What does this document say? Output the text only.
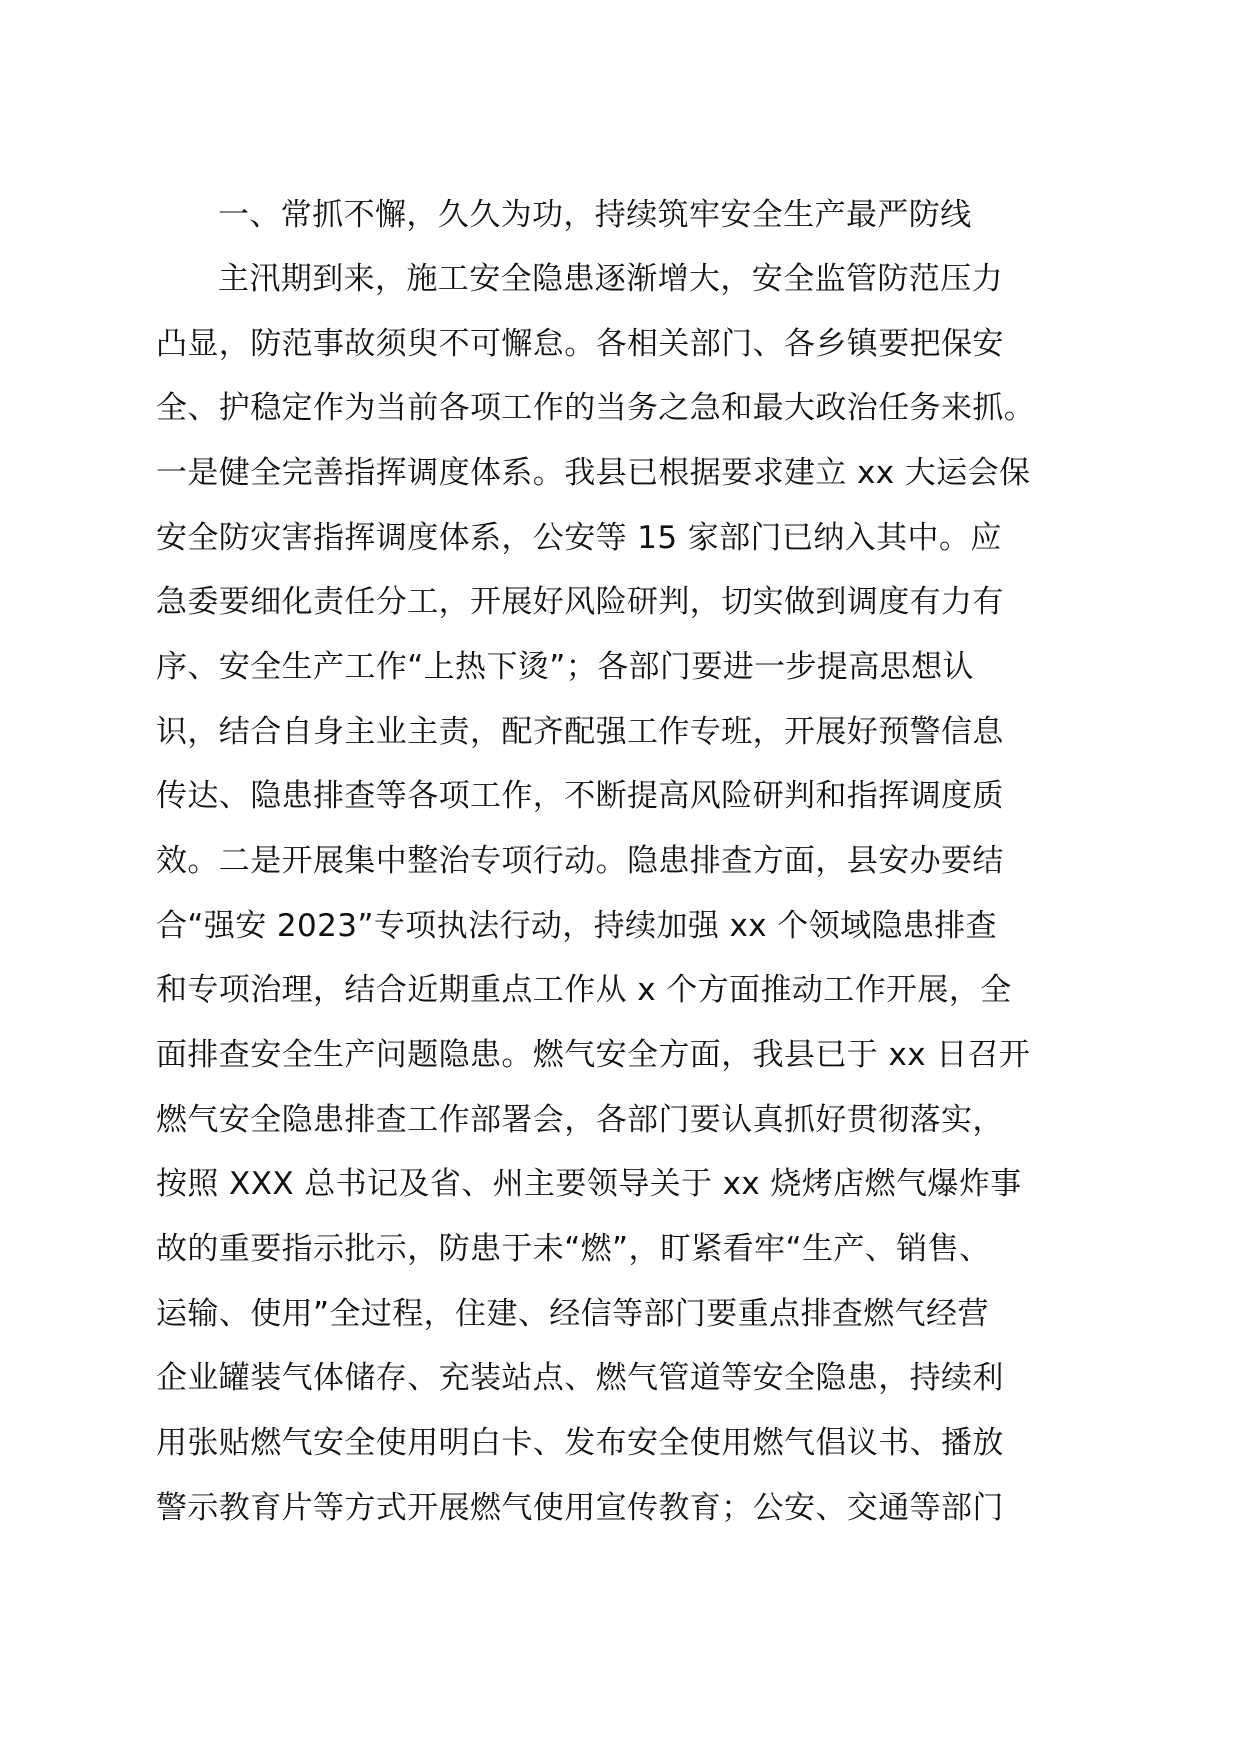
一、常抓不懈，久久为功，持续筑牢安全生产最严防线
主汛期到来，施工安全隐患逐渐增大，安全监管防范压力
凸显，防范事故须臾不可懈怠。各相关部门、各乡镇要把保安
全、护稳定作为当前各项工作的当务之急和最大政治任务来抓。
一是健全完善指挥调度体系。我县已根据要求建立 xx 大运会保
安全防灾害指挥调度体系，公安等 15 家部门已纳入其中。应
急委要细化责任分工，开展好风险研判，切实做到调度有力有
序、安全生产工作“上热下烫”；各部门要进一步提高思想认
识，结合自身主业主责，配齐配强工作专班，开展好预警信息
传达、隐患排查等各项工作，不断提高风险研判和指挥调度质
效。二是开展集中整治专项行动。隐患排查方面，县安办要结
合“强安 2023”专项执法行动，持续加强 xx 个领域隐患排查
和专项治理，结合近期重点工作从 x 个方面推动工作开展，全
面排查安全生产问题隐患。燃气安全方面，我县已于 xx 日召开
燃气安全隐患排查工作部署会，各部门要认真抓好贯彻落实，
按照 XXX 总书记及省、州主要领导关于 xx 烧烤店燃气爆炸事
故的重要指示批示，防患于未“燃”，盯紧看牢“生产、销售、
运输、使用”全过程，住建、经信等部门要重点排查燃气经营
企业罐装气体储存、充装站点、燃气管道等安全隐患，持续利
用张贴燃气安全使用明白卡、发布安全使用燃气倡议书、播放
警示教育片等方式开展燃气使用宣传教育；公安、交通等部门
